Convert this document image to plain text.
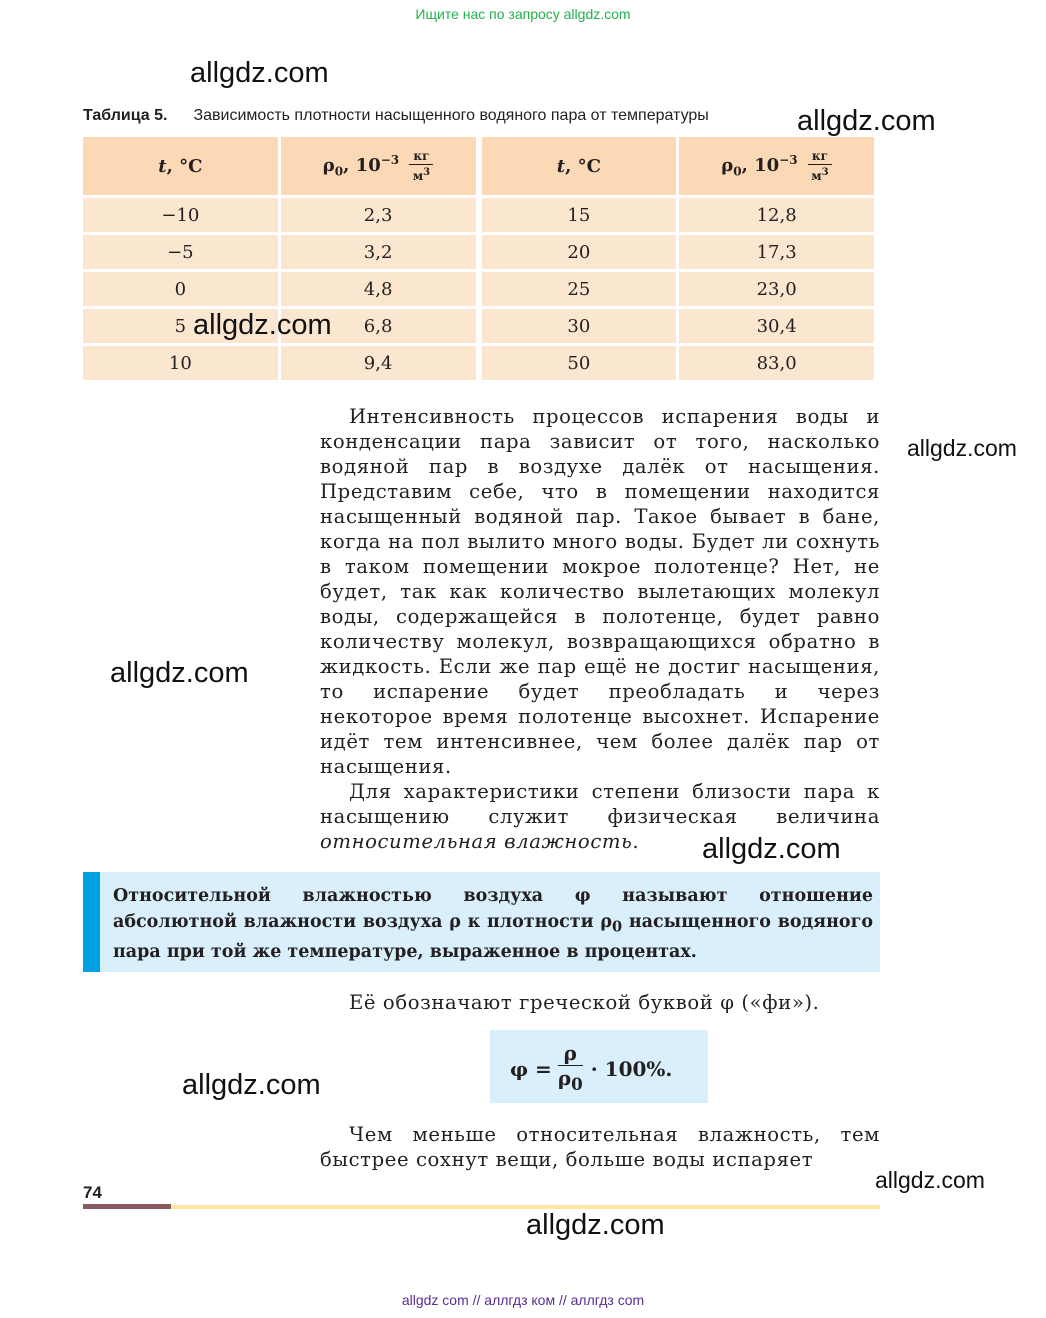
Ищите нас по запросу allgdz.com
allgdz.com
allgdz.com
Таблица 5. Зависимость плотности насыщенного водяного пара от температуры
t, °C	$\rho_0$, $10^{-3} \frac{кг}{м^3}$		t, °C	$\rho_0$, $10^{-3} \frac{кг}{м^3}$

−10	2,3		15	12,8
−5	3,2		20	17,3
0	4,8		25	23,0
5	6,8		30	30,4
10	9,4		50	83,0
allgdz.com

Интенсивность процессов испарения воды и конденсации пара зависит от того, насколько водяной пар в воздухе далёк от насыщения. Представим себе, что в помещении находится насыщенный водяной пар. Такое бывает в бане, когда на пол вылито много воды. Будет ли сохнуть в таком помещении мокрое полотенце? Нет, не будет, так как количество вылетающих молекул воды, содержащейся в полотенце, будет равно количеству молекул, возвращающихся обратно в жидкость. Если же пар ещё не достиг насыщения, то испарение будет преобладать и через некоторое время полотенце высохнет. Испарение идёт тем интенсивнее, чем более далёк пар от насыщения.

Для характеристики степени близости пара к насыщению служит физическая величина относительная влажность.

allgdz.com
allgdz.com
allgdz.com
Относительной влажностью воздуха φ называют отношение абсолютной влажности воздуха ρ к плотности $\rho_0$ насыщенного водяного пара при той же температуре, выраженное в процентах.

Её обозначают греческой буквой φ («фи»).

$\varphi = \frac{\rho}{\rho_0} \cdot 100\%$.
allgdz.com

Чем меньше относительная влажность, тем быстрее сохнут вещи, больше воды испаряет

74	allgdz.com
allgdz.com
allgdz com // аллгдз ком // аллгдз com
